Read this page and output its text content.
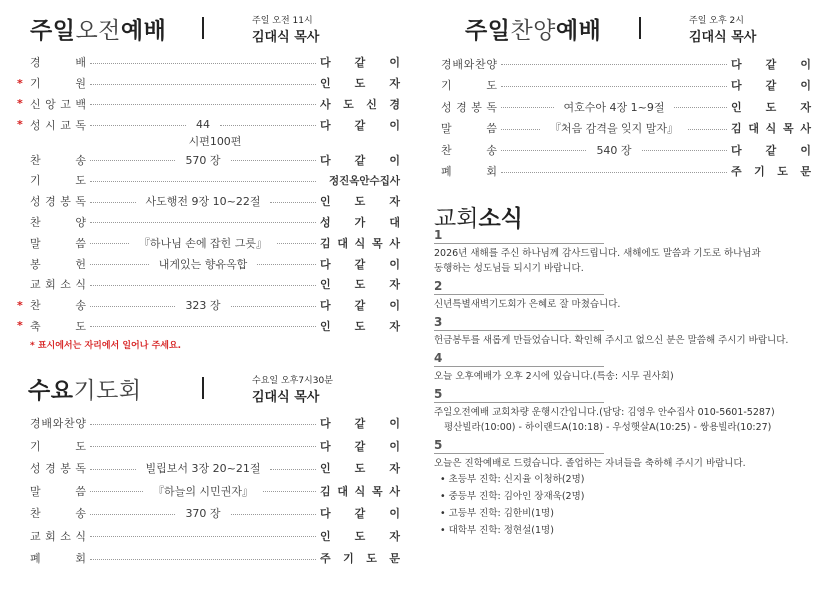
주일오전예배	주일 오전 11시
김대식 목사
경	배	다 같 이
* 기	원	인 도 자
* 신 앙 고 백	사 도 신 경
* 성 시 교 독	44	다 같 이
시편100편
찬	송	570 장	다 같 이
기	도	정진옥안수집사
성 경 봉 독	사도행전 9장 10~22절	인 도 자
찬	양	성 가 대
말	씀	『하나님 손에 잡힌 그릇』	김 대 식 목 사
봉	헌	내게있는 향유옥합	다 같 이
교 회 소 식	인 도 자
* 찬	송	323 장	다 같 이
* 축	도	인 도 자
* 표시에서는 자리에서 일어나 주세요.
수요기도회	수요일 오후7시30분
김대식 목사
경 배 와 찬 양	다 같 이
기	도	다 같 이
성 경 봉 독	빌립보서 3장 20~21절	인 도 자
말	씀	『하늘의 시민권자』	김 대 식 목 사
찬	송	370 장	다 같 이
교 회 소 식	인 도 자
폐	회	주 기 도 문
주일찬양예배	주일 오후 2시
김대식 목사
경 배 와 찬 양	다 같 이
기	도	다 같 이
성 경 봉 독	여호수아 4장 1~9절	인 도 자
말	씀	『처음 감격을 잊지 말자』	김 대 식 목 사
찬	송	540 장	다 같 이
폐	회	주 기 도 문
교회소식
1
2026년 새해를 주신 하나님께 감사드립니다. 새해에도 말씀과 기도로 하나님과
동행하는 성도님들 되시기 바랍니다.
2
신년특별새벽기도회가 은혜로 잘 마쳤습니다.
3
헌금봉투를 새롭게 만들었습니다. 확인해 주시고 없으신 분은 말씀해 주시기 바랍니다.
4
오늘 오후예배가 오후 2시에 있습니다.(특송: 시무 권사회)
5
주일오전예배 교회차량 운행시간입니다.(담당: 김영우 안수집사 010-5601-5287)
평산빌라(10:00) - 하이랜드A(10:18) - 우성햇살A(10:25) - 쌍용빌라(10:27)
5
오늘은 진학예배로 드렸습니다. 졸업하는 자녀들을 축하해 주시기 바랍니다.
• 초등부 진학: 신지율 이청하(2명)
• 중등부 진학: 김아인 장재욱(2명)
• 고등부 진학: 김한비(1명)
• 대학부 진학: 정현설(1명)
